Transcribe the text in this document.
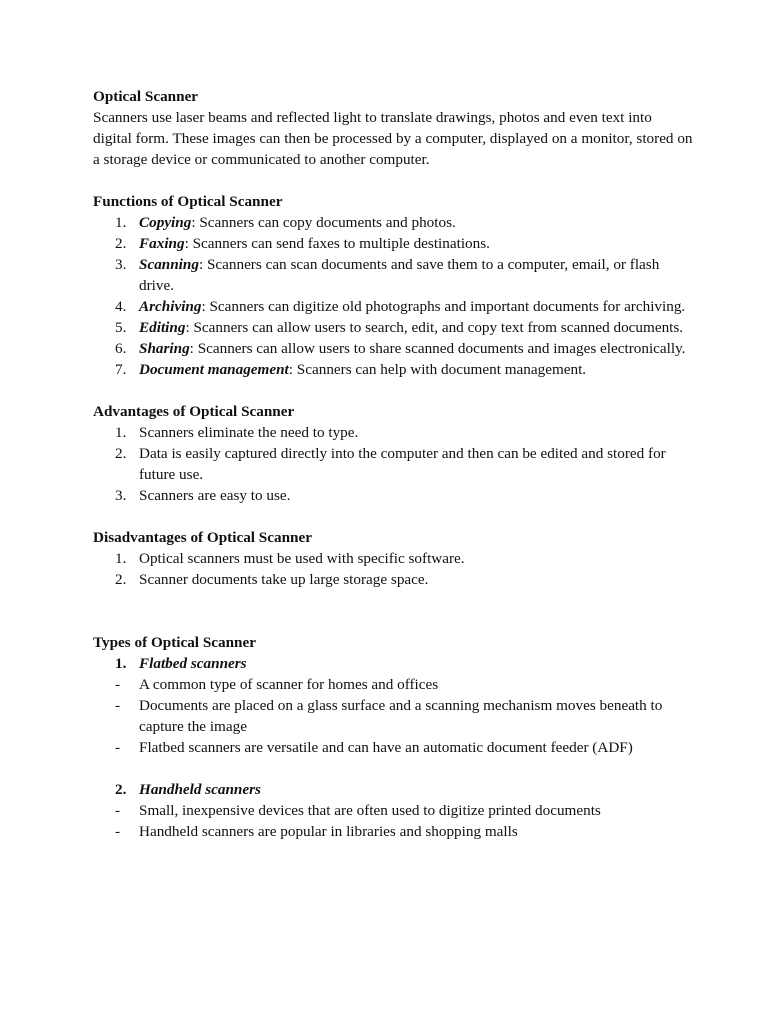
Optical Scanner

Scanners use laser beams and reflected light to translate drawings, photos and even text into digital form. These images can then be processed by a computer, displayed on a monitor, stored on a storage device or communicated to another computer.

Functions of Optical Scanner
1. Copying: Scanners can copy documents and photos.
2. Faxing: Scanners can send faxes to multiple destinations.
3. Scanning: Scanners can scan documents and save them to a computer, email, or flash drive.
4. Archiving: Scanners can digitize old photographs and important documents for archiving.
5. Editing: Scanners can allow users to search, edit, and copy text from scanned documents.
6. Sharing: Scanners can allow users to share scanned documents and images electronically.
7. Document management: Scanners can help with document management.
Advantages of Optical Scanner
1. Scanners eliminate the need to type.
2. Data is easily captured directly into the computer and then can be edited and stored for future use.
3. Scanners are easy to use.
Disadvantages of Optical Scanner
1. Optical scanners must be used with specific software.
2. Scanner documents take up large storage space.
Types of Optical Scanner
1. Flatbed scanners
- A common type of scanner for homes and offices
- Documents are placed on a glass surface and a scanning mechanism moves beneath to capture the image
- Flatbed scanners are versatile and can have an automatic document feeder (ADF)
2. Handheld scanners
- Small, inexpensive devices that are often used to digitize printed documents
- Handheld scanners are popular in libraries and shopping malls
